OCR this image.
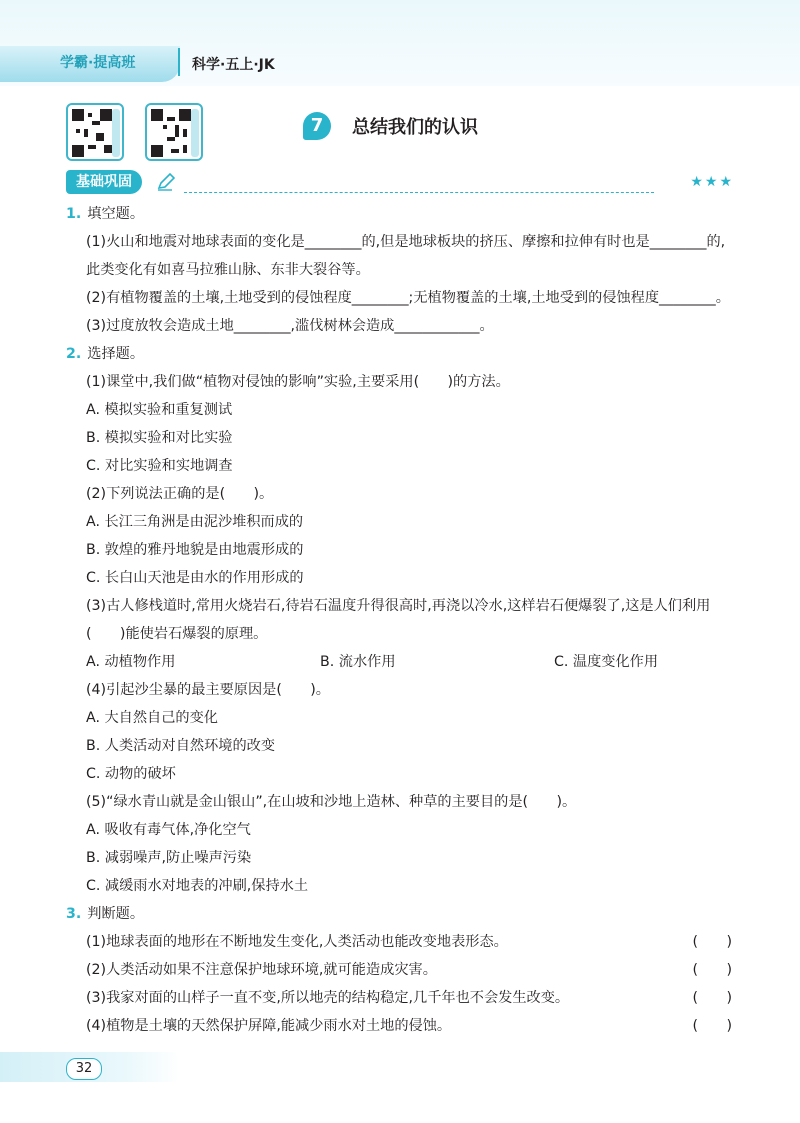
学霸·提高班	科学·五上·JK
7	总结我们的认识
基础巩固	★★★
1. 填空题。
(1)火山和地震对地球表面的变化是________的,但是地球板块的挤压、摩擦和拉伸有时也是________的,此类变化有如喜马拉雅山脉、东非大裂谷等。
(2)有植物覆盖的土壤,土地受到的侵蚀程度________;无植物覆盖的土壤,土地受到的侵蚀程度________。
(3)过度放牧会造成土地________,滥伐树林会造成____________。
2. 选择题。
(1)课堂中,我们做“植物对侵蚀的影响”实验,主要采用(　　)的方法。
A. 模拟实验和重复测试
B. 模拟实验和对比实验
C. 对比实验和实地调查
(2)下列说法正确的是(　　)。
A. 长江三角洲是由泥沙堆积而成的
B. 敦煌的雅丹地貌是由地震形成的
C. 长白山天池是由水的作用形成的
(3)古人修栈道时,常用火烧岩石,待岩石温度升得很高时,再浇以冷水,这样岩石便爆裂了,这是人们利用(　　)能使岩石爆裂的原理。
A. 动植物作用	B. 流水作用	C. 温度变化作用
(4)引起沙尘暴的最主要原因是(　　)。
A. 大自然自己的变化
B. 人类活动对自然环境的改变
C. 动物的破坏
(5)“绿水青山就是金山银山”,在山坡和沙地上造林、种草的主要目的是(　　)。
A. 吸收有毒气体,净化空气
B. 减弱噪声,防止噪声污染
C. 减缓雨水对地表的冲刷,保持水土
3. 判断题。
(1)地球表面的地形在不断地发生变化,人类活动也能改变地表形态。	(　　)
(2)人类活动如果不注意保护地球环境,就可能造成灾害。	(　　)
(3)我家对面的山样子一直不变,所以地壳的结构稳定,几千年也不会发生改变。	(　　)
(4)植物是土壤的天然保护屏障,能减少雨水对土地的侵蚀。	(　　)
32
